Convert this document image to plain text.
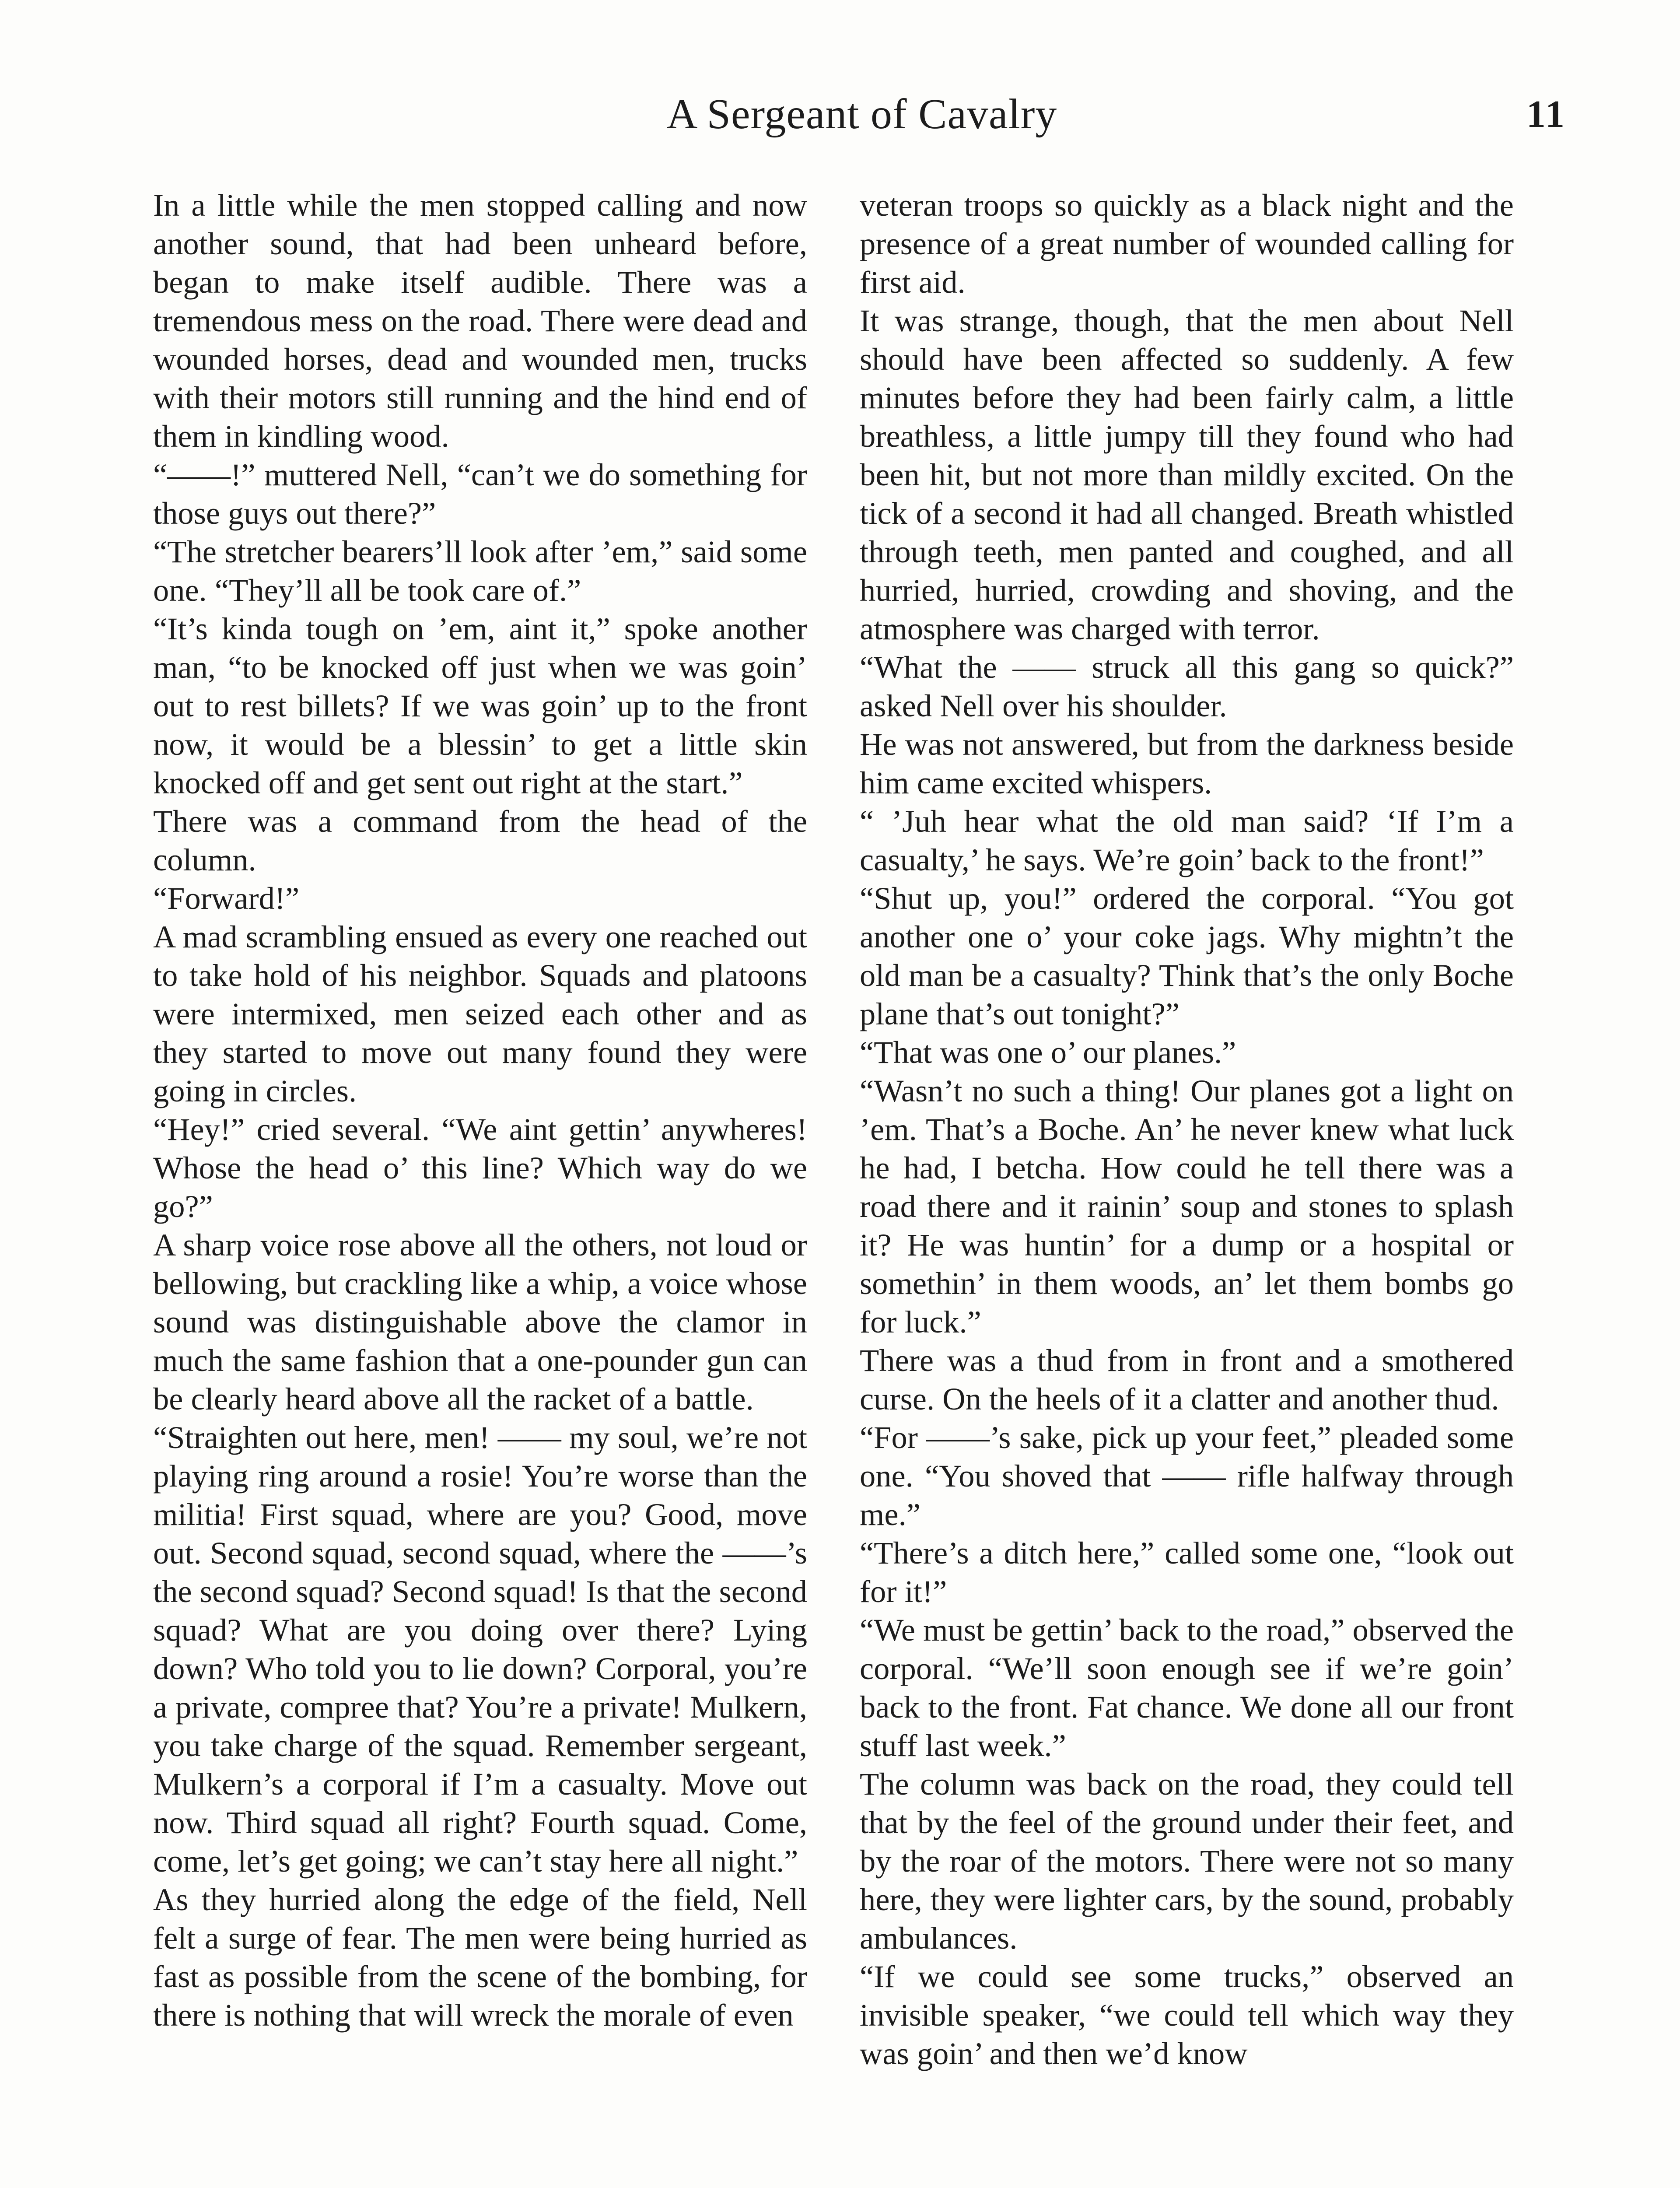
A Sergeant of Cavalry	11

In a little while the men stopped calling and now another sound, that had been unheard before, began to make itself audible. There was a tremendous mess on the road. There were dead and wounded horses, dead and wounded men, trucks with their motors still running and the hind end of them in kindling wood.

“——!” muttered Nell, “can’t we do something for those guys out there?”

“The stretcher bearers’ll look after ’em,” said some one. “They’ll all be took care of.”

“It’s kinda tough on ’em, aint it,” spoke another man, “to be knocked off just when we was goin’ out to rest billets? If we was goin’ up to the front now, it would be a blessin’ to get a little skin knocked off and get sent out right at the start.”

There was a command from the head of the column.

“Forward!”

A mad scrambling ensued as every one reached out to take hold of his neighbor. Squads and platoons were intermixed, men seized each other and as they started to move out many found they were going in circles.

“Hey!” cried several. “We aint gettin’ anywheres! Whose the head o’ this line? Which way do we go?”

A sharp voice rose above all the others, not loud or bellowing, but crackling like a whip, a voice whose sound was distinguishable above the clamor in much the same fashion that a one-pounder gun can be clearly heard above all the racket of a battle.

“Straighten out here, men! —— my soul, we’re not playing ring around a rosie! You’re worse than the militia! First squad, where are you? Good, move out. Second squad, second squad, where the ——’s the second squad? Second squad! Is that the second squad? What are you doing over there? Lying down? Who told you to lie down? Corporal, you’re a private, compree that? You’re a private! Mulkern, you take charge of the squad. Remember sergeant, Mulkern’s a corporal if I’m a casualty. Move out now. Third squad all right? Fourth squad. Come, come, let’s get going; we can’t stay here all night.”

As they hurried along the edge of the field, Nell felt a surge of fear. The men were being hurried as fast as possible from the scene of the bombing, for there is nothing that will wreck the morale of even

veteran troops so quickly as a black night and the presence of a great number of wounded calling for first aid.

It was strange, though, that the men about Nell should have been affected so suddenly. A few minutes before they had been fairly calm, a little breathless, a little jumpy till they found who had been hit, but not more than mildly excited. On the tick of a second it had all changed. Breath whistled through teeth, men panted and coughed, and all hurried, hurried, crowding and shoving, and the atmosphere was charged with terror.

“What the —— struck all this gang so quick?” asked Nell over his shoulder.

He was not answered, but from the darkness beside him came excited whispers.

“ ’Juh hear what the old man said? ‘If I’m a casualty,’ he says. We’re goin’ back to the front!”

“Shut up, you!” ordered the corporal. “You got another one o’ your coke jags. Why mightn’t the old man be a casualty? Think that’s the only Boche plane that’s out tonight?”

“That was one o’ our planes.”

“Wasn’t no such a thing! Our planes got a light on ’em. That’s a Boche. An’ he never knew what luck he had, I betcha. How could he tell there was a road there and it rainin’ soup and stones to splash it? He was huntin’ for a dump or a hospital or somethin’ in them woods, an’ let them bombs go for luck.”

There was a thud from in front and a smothered curse. On the heels of it a clatter and another thud.

“For ——’s sake, pick up your feet,” pleaded some one. “You shoved that —— rifle halfway through me.”

“There’s a ditch here,” called some one, “look out for it!”

“We must be gettin’ back to the road,” observed the corporal. “We’ll soon enough see if we’re goin’ back to the front. Fat chance. We done all our front stuff last week.”

The column was back on the road, they could tell that by the feel of the ground under their feet, and by the roar of the motors. There were not so many here, they were lighter cars, by the sound, probably ambulances.

“If we could see some trucks,” observed an invisible speaker, “we could tell which way they was goin’ and then we’d know
